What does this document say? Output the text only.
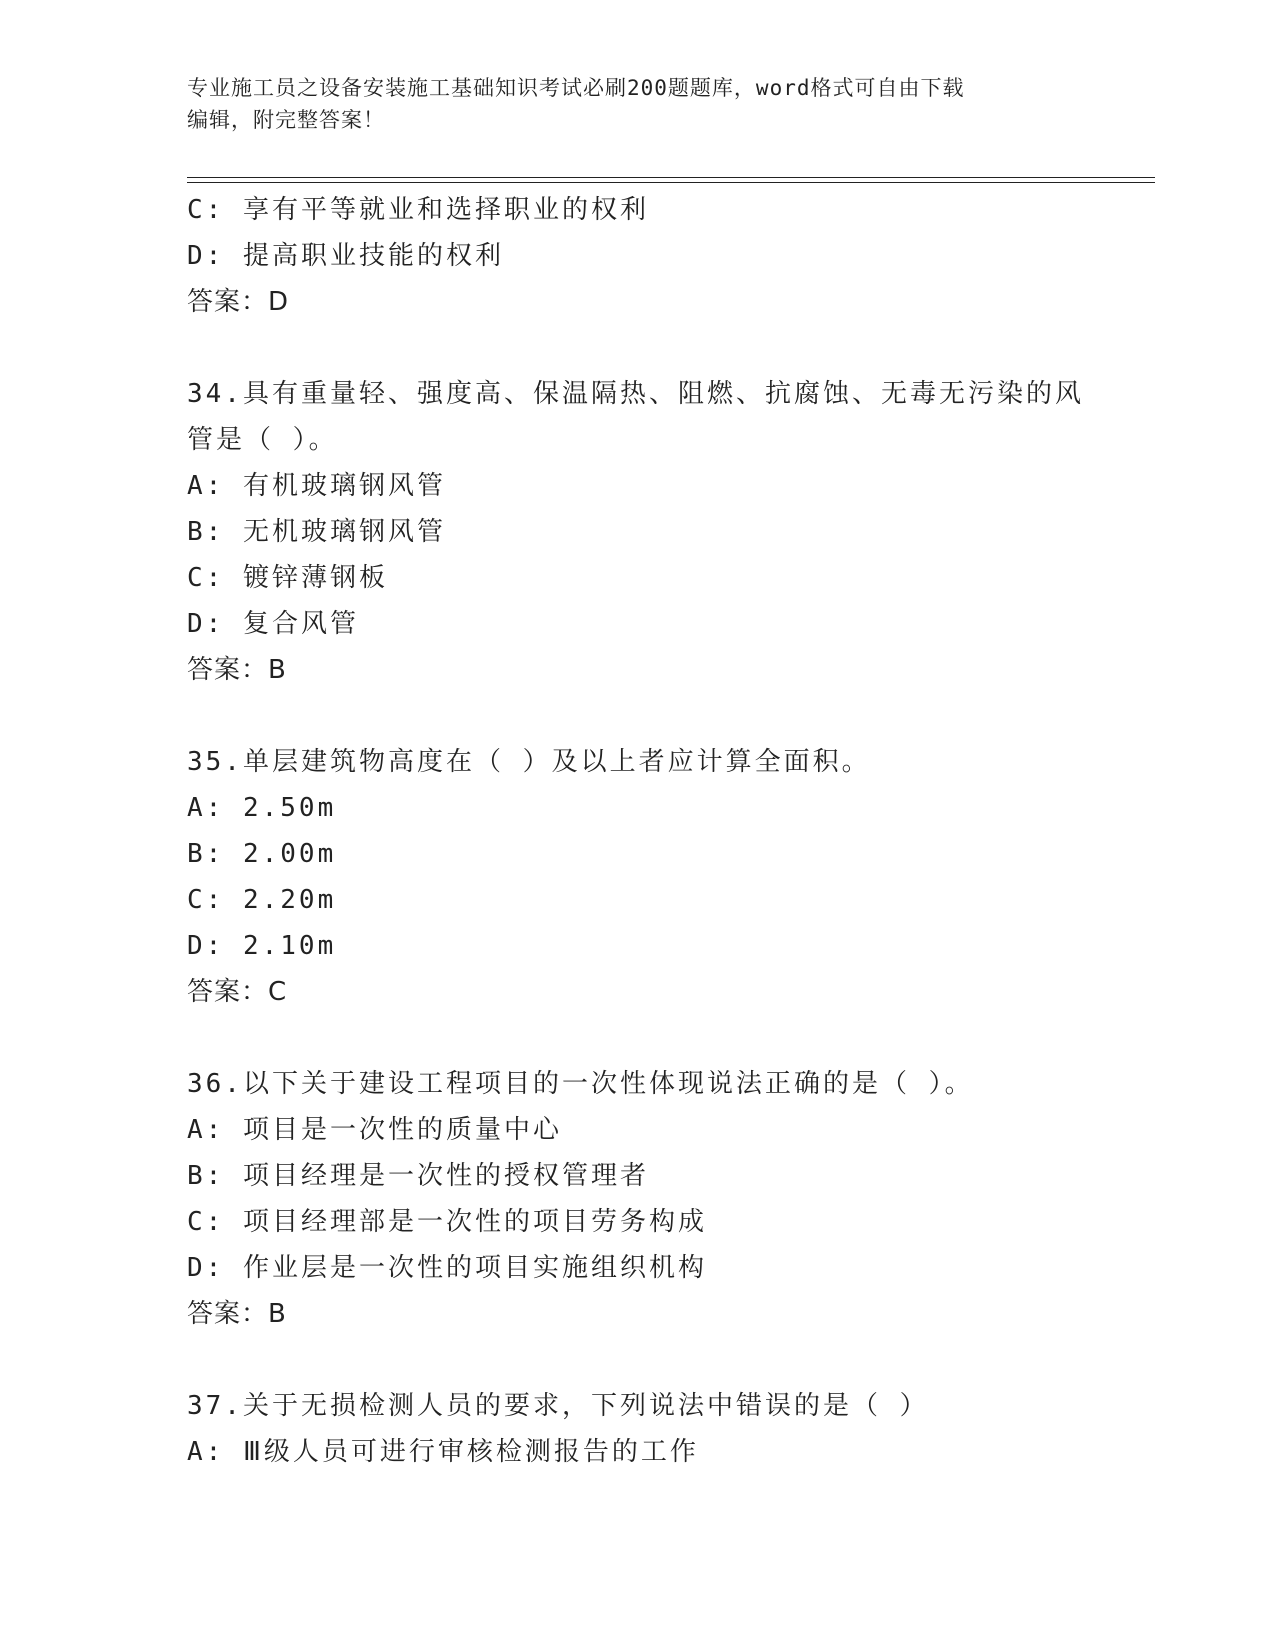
专业施工员之设备安装施工基础知识考试必刷200题题库，word格式可自由下载
编辑，附完整答案！
C: 享有平等就业和选择职业的权利
D: 提高职业技能的权利
答案：D
34.具有重量轻、强度高、保温隔热、阻燃、抗腐蚀、无毒无污染的风
管是（ ）。
A: 有机玻璃钢风管
B: 无机玻璃钢风管
C: 镀锌薄钢板
D: 复合风管
答案：B
35.单层建筑物高度在（ ）及以上者应计算全面积。
A: 2.50m
B: 2.00m
C: 2.20m
D: 2.10m
答案：C
36.以下关于建设工程项目的一次性体现说法正确的是（ ）。
A: 项目是一次性的质量中心
B: 项目经理是一次性的授权管理者
C: 项目经理部是一次性的项目劳务构成
D: 作业层是一次性的项目实施组织机构
答案：B
37.关于无损检测人员的要求，下列说法中错误的是（ ）
A: Ⅲ级人员可进行审核检测报告的工作
